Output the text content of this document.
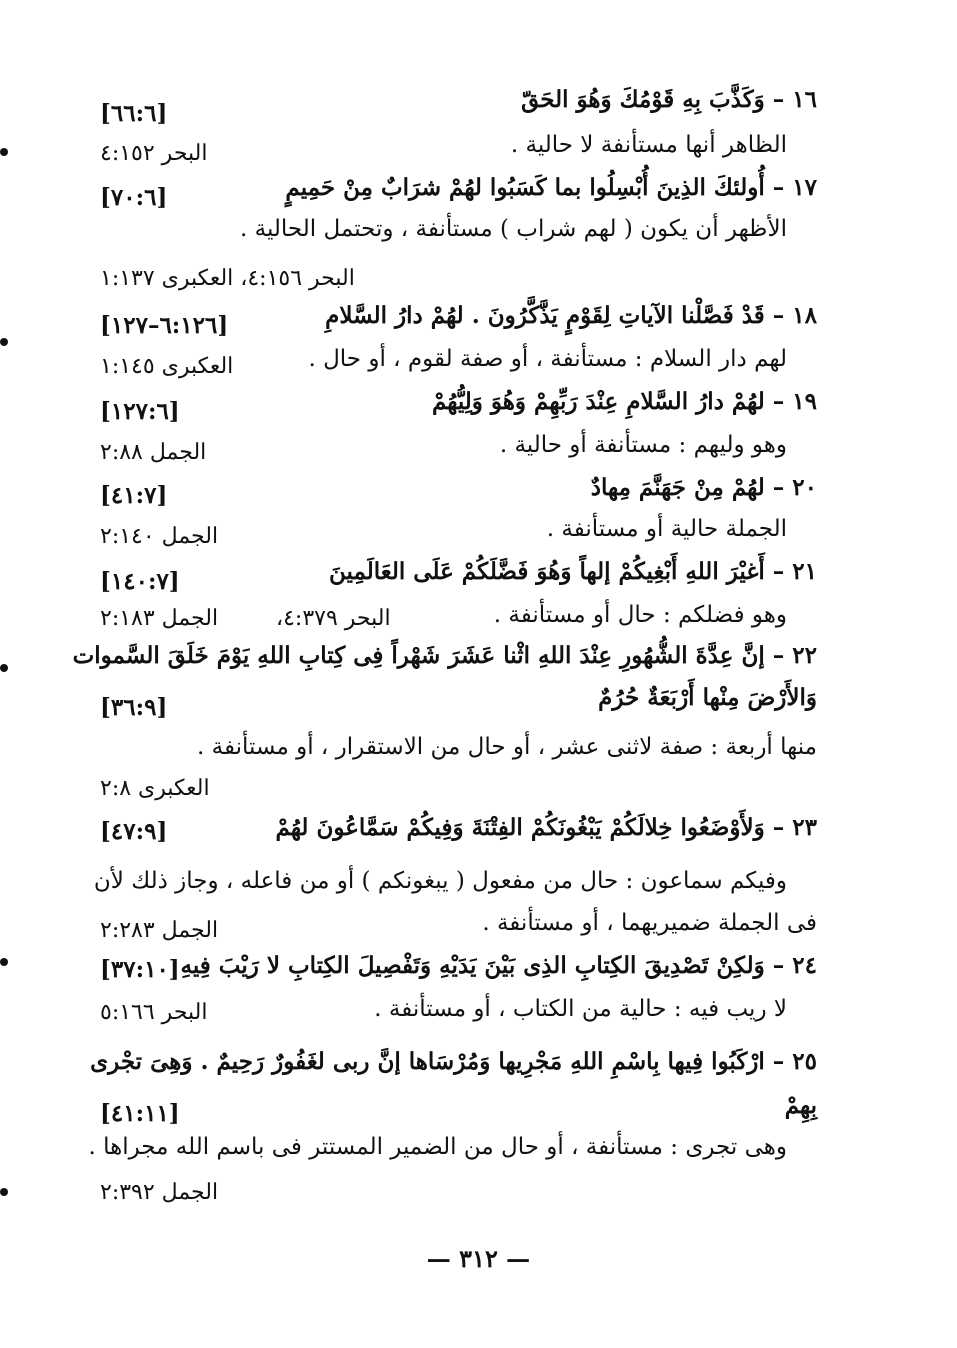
١٦ – وَكَذَّبَ بِهِ قَوْمُكَ وَهُوَ الحَقّ
[٦٦:٦]
الظاهر أنها مستأنفة لا حالية .
البحر ٤:١٥٢
١٧ – أُولئكَ الذِينَ أُبْسِلُوا بما كَسَبُوا لهُمْ شرَابٌ مِنْ حَمِيمٍ
[٧٠:٦]
الأظهر أن يكون ( لهم شراب ) مستأنفة ، وتحتمل الحالية .
البحر ٤:١٥٦، العكبرى ١:١٣٧
١٨ – قَدْ فَصَّلْنا الآياتِ لِقَوْمٍ يَذَّكَّرُونَ . لهُمْ دارُ السَّلامِ
[٦:١٢٦–١٢٧]
لهم دار السلام : مستأنفة ، أو صفة لقوم ، أو حال .
العكبرى ١:١٤٥
١٩ – لهُمْ دارُ السَّلامِ عِنْدَ رَبِّهِمْ وَهُوَ وَلِيُّهُمْ
[١٢٧:٦]
وهو وليهم : مستأنفة أو حالية .
الجمل ٢:٨٨
٢٠ – لهُمْ مِنْ جَهَنَّمَ مِهادٌ
[٤١:٧]
الجملة حالية أو مستأنفة .
الجمل ٢:١٤٠
٢١ – أَغيْرَ اللهِ أَبْغِيكُمْ إلهاً وَهُوَ فَضَّلَكُمْ عَلَى العَالَمِينَ
[١٤٠:٧]
وهو فضلكم : حال أو مستأنفة .
البحر ٤:٣٧٩،
الجمل ٢:١٨٣
٢٢ – إنَّ عِدَّةَ الشُّهُورِ عِنْدَ اللهِ اثْنا عَشَرَ شَهْراً فِى كِتابِ اللهِ يَوْمَ خَلَقَ السَّموات
وَالأَرْضَ مِنْها أَرْبَعَةٌ حُرُمٌ
[٣٦:٩]
منها أربعة : صفة لاثنى عشر ، أو حال من الاستقرار ، أو مستأنفة .
العكبرى ٢:٨
٢٣ – وَلأَوْضَعُوا خِلالَكُمْ يَبْغُونَكُمْ الفِتْنَةَ وَفِيكُمْ سَمَّاعُونَ لهُمْ
[٤٧:٩]
وفيكم سماعون : حال من مفعول ( يبغونكم ) أو من فاعله ، وجاز ذلك لأن
فى الجملة ضميريهما ، أو مستأنفة .
الجمل ٢:٢٨٣
٢٤ – وَلكِنْ تَصْدِيقَ الكِتابِ الذِى بَيْنَ يَدَيْهِ وَتَفْصِيلَ الكِتابِ لا رَيْبَ فِيهِ
[٣٧:١٠]
لا ريب فيه : حالية من الكتاب ، أو مستأنفة .
البحر ٥:١٦٦
٢٥ – ارْكَبُوا فِيها بِاسْمِ اللهِ مَجْرِيها وَمُرْسَاها إنَّ ربى لغَفُورٌ رَحِيمٌ . وَهِىَ تجْرى
بِهِمْ
[٤١:١١]
وهى تجرى : مستأنفة ، أو حال من الضمير المستتر فى باسم الله مجراها .
الجمل ٢:٣٩٢
— ٣١٢ —
